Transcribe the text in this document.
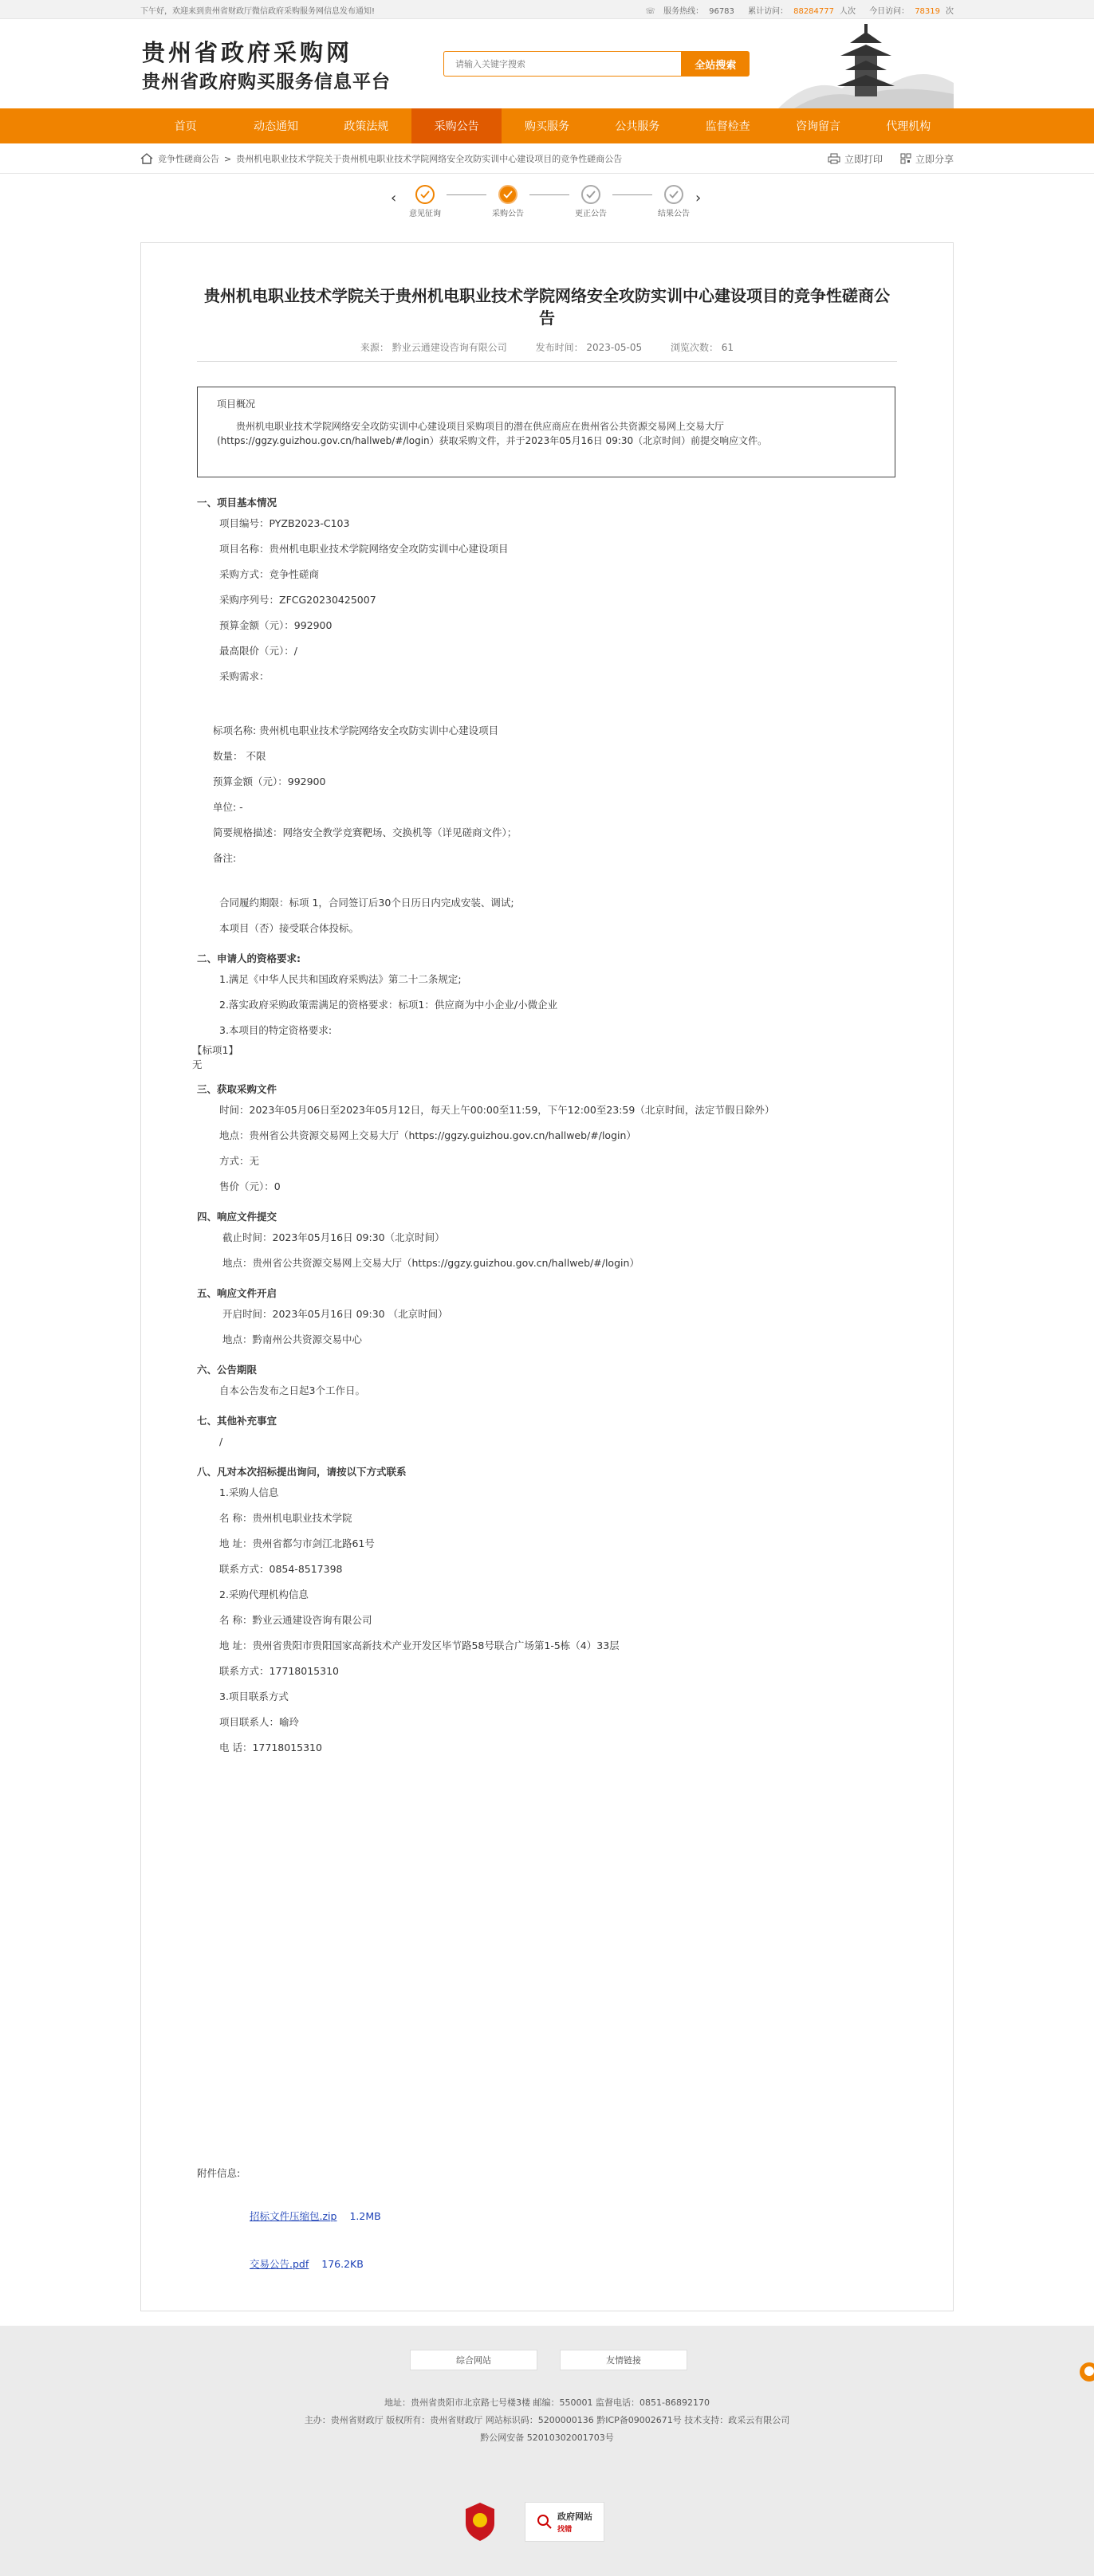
下午好，欢迎来到贵州省财政厅微信政府采购服务网信息发布通知!	☏ 服务热线： 96783 累计访问： 88284777 人次 今日访问： 78319 次
贵州省政府采购网
贵州省政府购买服务信息平台
请输入关键字搜索
全站搜索
首页	动态通知	政策法规	采购公告	购买服务	公共服务	监督检查	咨询留言	代理机构
竞争性磋商公告 > 贵州机电职业技术学院关于贵州机电职业技术学院网络安全攻防实训中心建设项目的竞争性磋商公告	立即打印	立即分享
‹
意见征询	采购公告	更正公告	结果公告
›
贵州机电职业技术学院关于贵州机电职业技术学院网络安全攻防实训中心建设项目的竞争性磋商公告
来源： 黔业云通建设咨询有限公司	发布时间： 2023-05-05	浏览次数： 61
项目概况
贵州机电职业技术学院网络安全攻防实训中心建设项目采购项目的潜在供应商应在贵州省公共资源交易网上交易大厅(https://ggzy.guizhou.gov.cn/hallweb/#/login）获取采购文件，并于2023年05月16日 09:30（北京时间）前提交响应文件。
一、项目基本情况
项目编号：PYZB2023-C103
项目名称：贵州机电职业技术学院网络安全攻防实训中心建设项目
采购方式：竞争性磋商
采购序列号：ZFCG20230425007
预算金额（元）：992900
最高限价（元）：/
采购需求：
标项名称: 贵州机电职业技术学院网络安全攻防实训中心建设项目
数量： 不限
预算金额（元）：992900
单位: -
简要规格描述：网络安全教学竞赛靶场、交换机等（详见磋商文件）；
备注:
合同履约期限：标项 1，合同签订后30个日历日内完成安装、调试;
本项目（否）接受联合体投标。
二、申请人的资格要求:
1.满足《中华人民共和国政府采购法》第二十二条规定;
2.落实政府采购政策需满足的资格要求：标项1：供应商为中小企业/小微企业
3.本项目的特定资格要求:
【标项1】
无
三、获取采购文件
时间：2023年05月06日至2023年05月12日，每天上午00:00至11:59，下午12:00至23:59（北京时间，法定节假日除外）
地点：贵州省公共资源交易网上交易大厅（https://ggzy.guizhou.gov.cn/hallweb/#/login）
方式：无
售价（元）：0
四、响应文件提交
截止时间：2023年05月16日 09:30（北京时间）
地点：贵州省公共资源交易网上交易大厅（https://ggzy.guizhou.gov.cn/hallweb/#/login）
五、响应文件开启
开启时间：2023年05月16日 09:30 （北京时间）
地点：黔南州公共资源交易中心
六、公告期限
自本公告发布之日起3个工作日。
七、其他补充事宜
/
八、凡对本次招标提出询问，请按以下方式联系
1.采购人信息
名 称：贵州机电职业技术学院
地 址：贵州省都匀市剑江北路61号
联系方式：0854-8517398
2.采购代理机构信息
名 称：黔业云通建设咨询有限公司
地 址：贵州省贵阳市贵阳国家高新技术产业开发区毕节路58号联合广场第1-5栋（4）33层
联系方式：17718015310
3.项目联系方式
项目联系人：喻玲
电 话：17718015310
附件信息:
招标文件压缩包.zip 1.2MB
交易公告.pdf 176.2KB
综合网站	友情链接
地址：贵州省贵阳市北京路七号楼3楼 邮编：550001 监督电话：0851-86892170
主办：贵州省财政厅 版权所有：贵州省财政厅 网站标识码：5200000136 黔ICP备09002671号 技术支持：政采云有限公司
黔公网安备 52010302001703号
政府网站
找错
